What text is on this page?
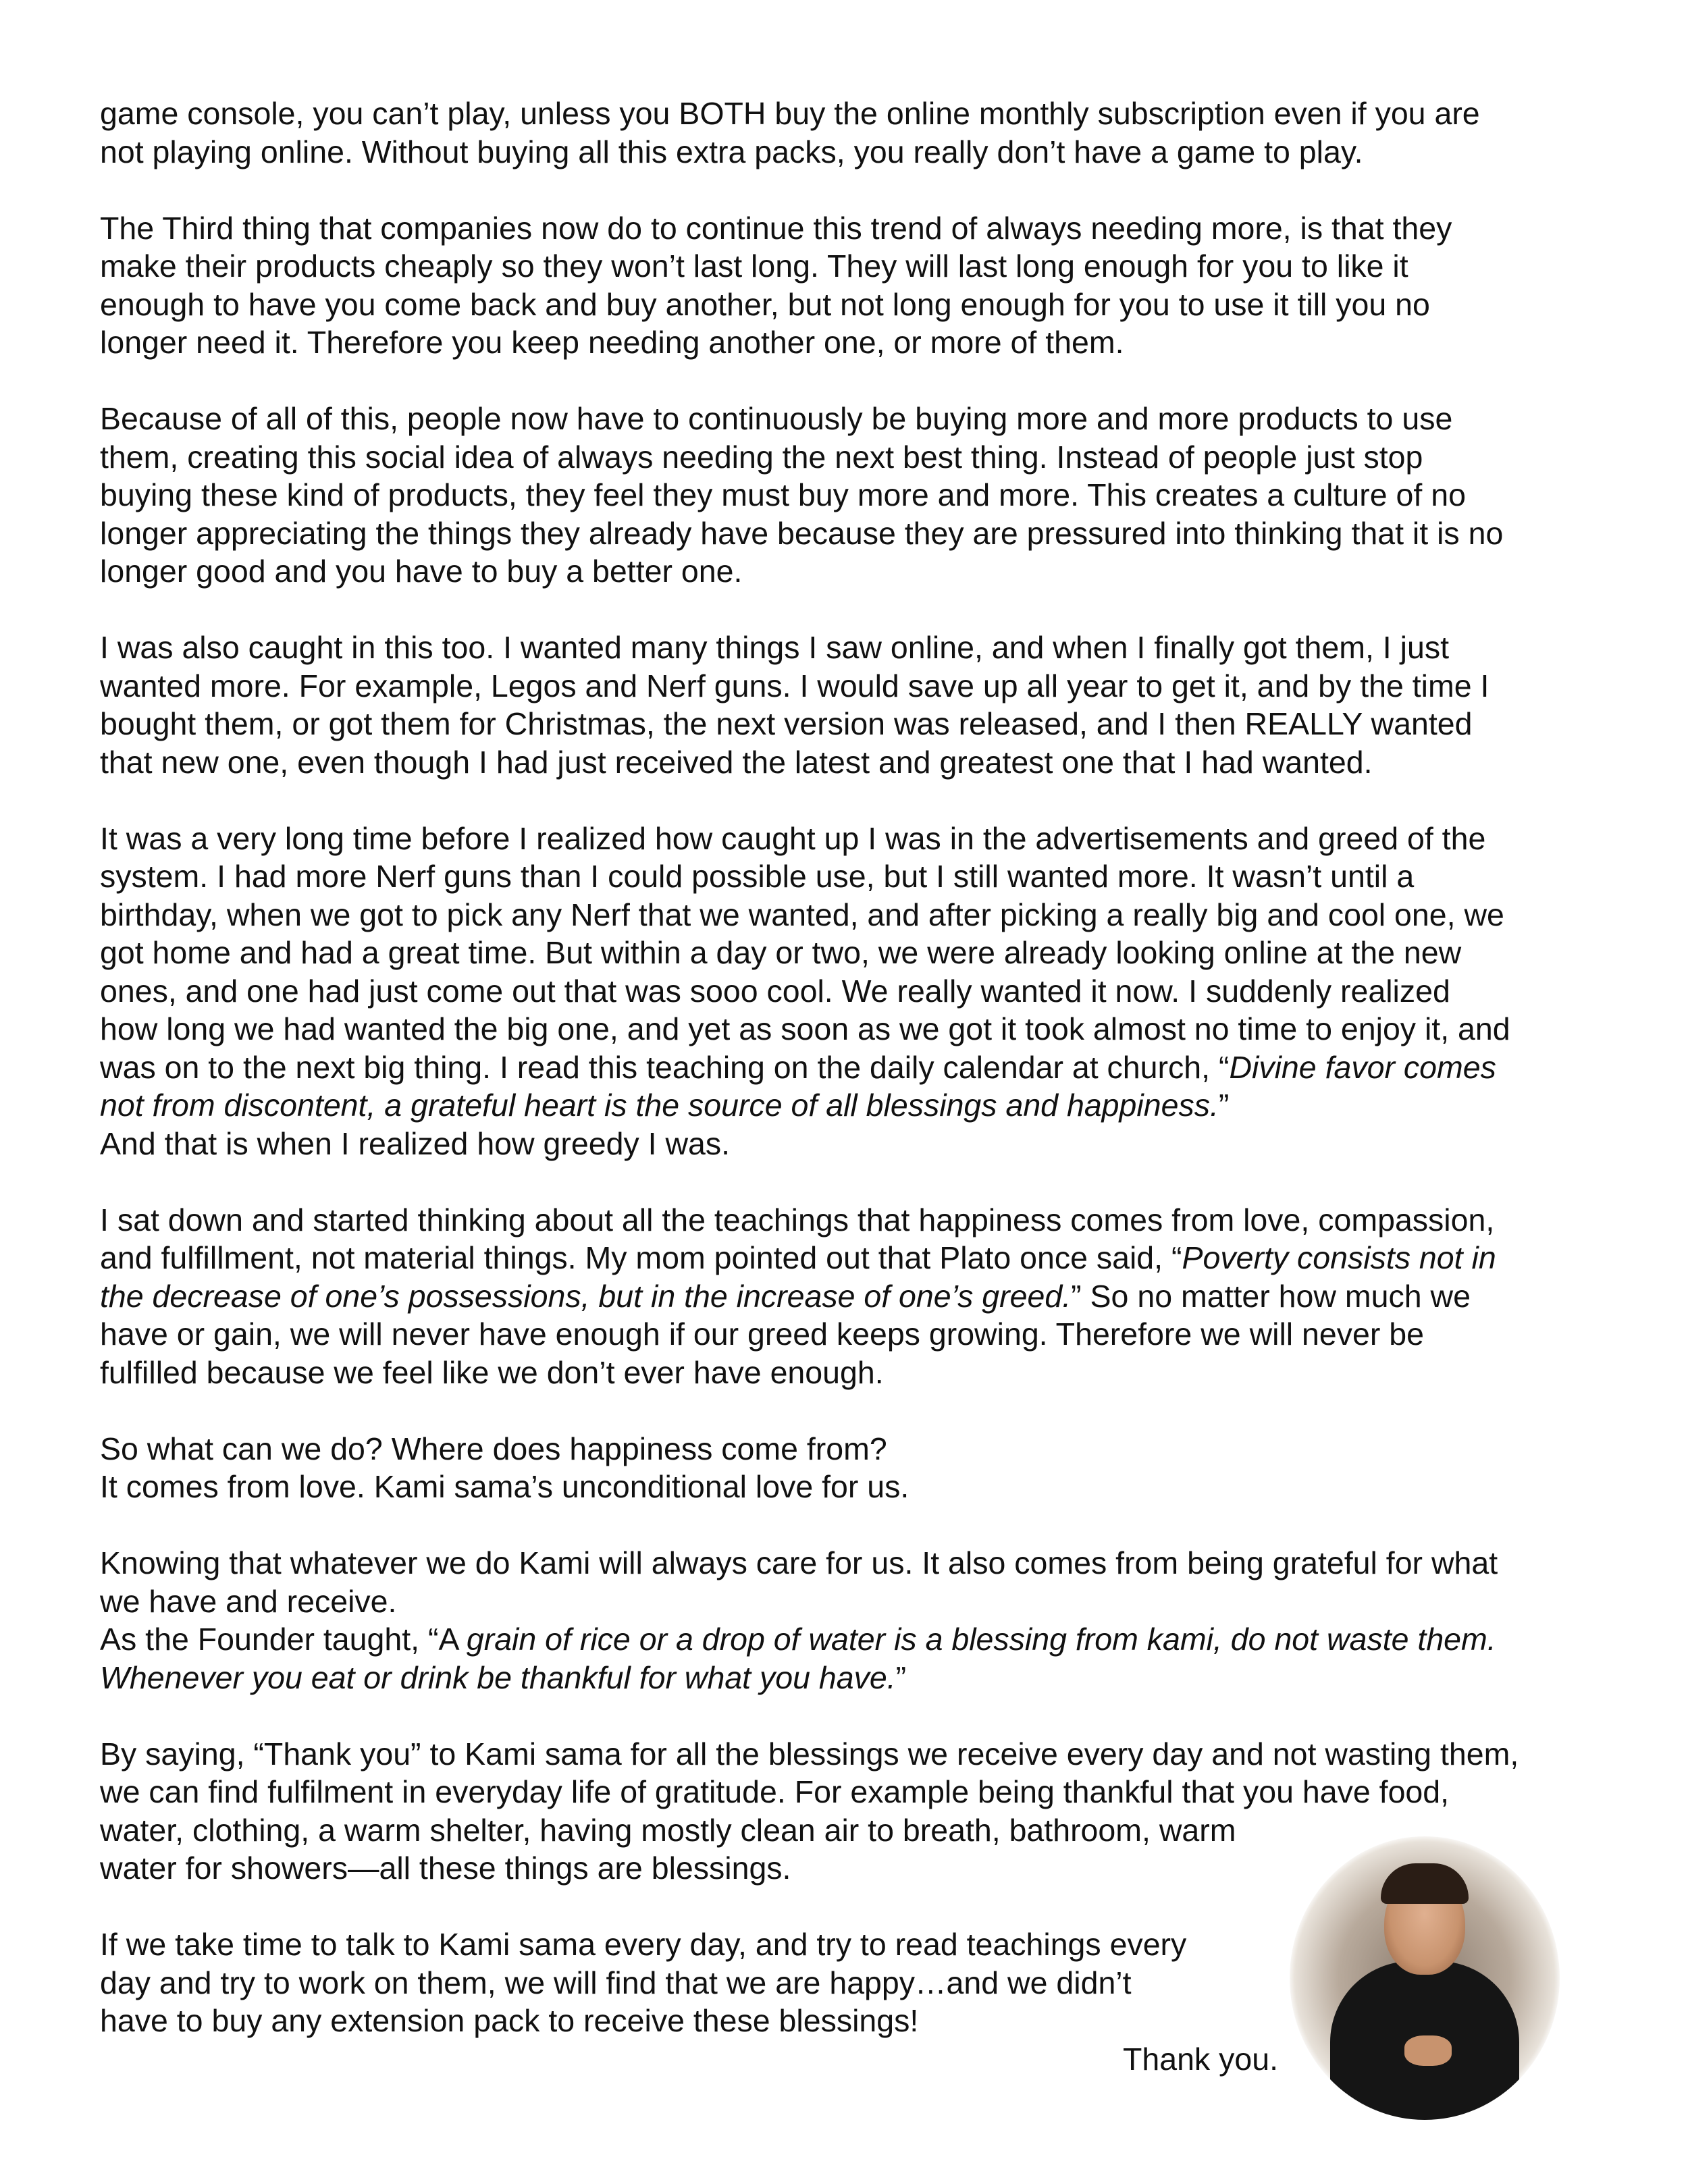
game console, you can’t play, unless you BOTH buy the online monthly subscription even if you are
not playing online. Without buying all this extra packs, you really don’t have a game to play.

The Third thing that companies now do to continue this trend of always needing more, is that they
make their products cheaply so they won’t last long. They will last long enough for you to like it
enough to have you come back and buy another, but not long enough for you to use it till you no
longer need it. Therefore you keep needing another one, or more of them.

Because of all of this, people now have to continuously be buying more and more products to use
them, creating this social idea of always needing the next best thing. Instead of people just stop
buying these kind of products, they feel they must buy more and more. This creates a culture of no
longer appreciating the things they already have because they are pressured into thinking that it is no
longer good and you have to buy a better one.

I was also caught in this too. I wanted many things I saw online, and when I finally got them, I just
wanted more. For example, Legos and Nerf guns. I would save up all year to get it, and by the time I
bought them, or got them for Christmas, the next version was released, and I then REALLY wanted
that new one, even though I had just received the latest and greatest one that I had wanted.

It was a very long time before I realized how caught up I was in the advertisements and greed of the
system. I had more Nerf guns than I could possible use, but I still wanted more. It wasn’t until a
birthday, when we got to pick any Nerf that we wanted, and after picking a really big and cool one, we
got home and had a great time. But within a day or two, we were already looking online at the new
ones, and one had just come out that was sooo cool. We really wanted it now. I suddenly realized
how long we had wanted the big one, and yet as soon as we got it took almost no time to enjoy it, and
was on to the next big thing. I read this teaching on the daily calendar at church, “Divine favor comes
not from discontent, a grateful heart is the source of all blessings and happiness.”
And that is when I realized how greedy I was.

I sat down and started thinking about all the teachings that happiness comes from love, compassion,
and fulfillment, not material things. My mom pointed out that Plato once said, “Poverty consists not in
the decrease of one’s possessions, but in the increase of one’s greed.” So no matter how much we
have or gain, we will never have enough if our greed keeps growing. Therefore we will never be
fulfilled because we feel like we don’t ever have enough.

So what can we do? Where does happiness come from?
It comes from love. Kami sama’s unconditional love for us.

Knowing that whatever we do Kami will always care for us. It also comes from being grateful for what
we have and receive.
As the Founder taught, “A grain of rice or a drop of water is a blessing from kami, do not waste them.
Whenever you eat or drink be thankful for what you have.”

By saying, “Thank you” to Kami sama for all the blessings we receive every day and not wasting them,
we can find fulfilment in everyday life of gratitude. For example being thankful that you have food,
water, clothing, a warm shelter, having mostly clean air to breath, bathroom, warm
water for showers—all these things are blessings.

If we take time to talk to Kami sama every day, and try to read teachings every
day and try to work on them, we will find that we are happy…and we didn’t
have to buy any extension pack to receive these blessings!
Thank you.
